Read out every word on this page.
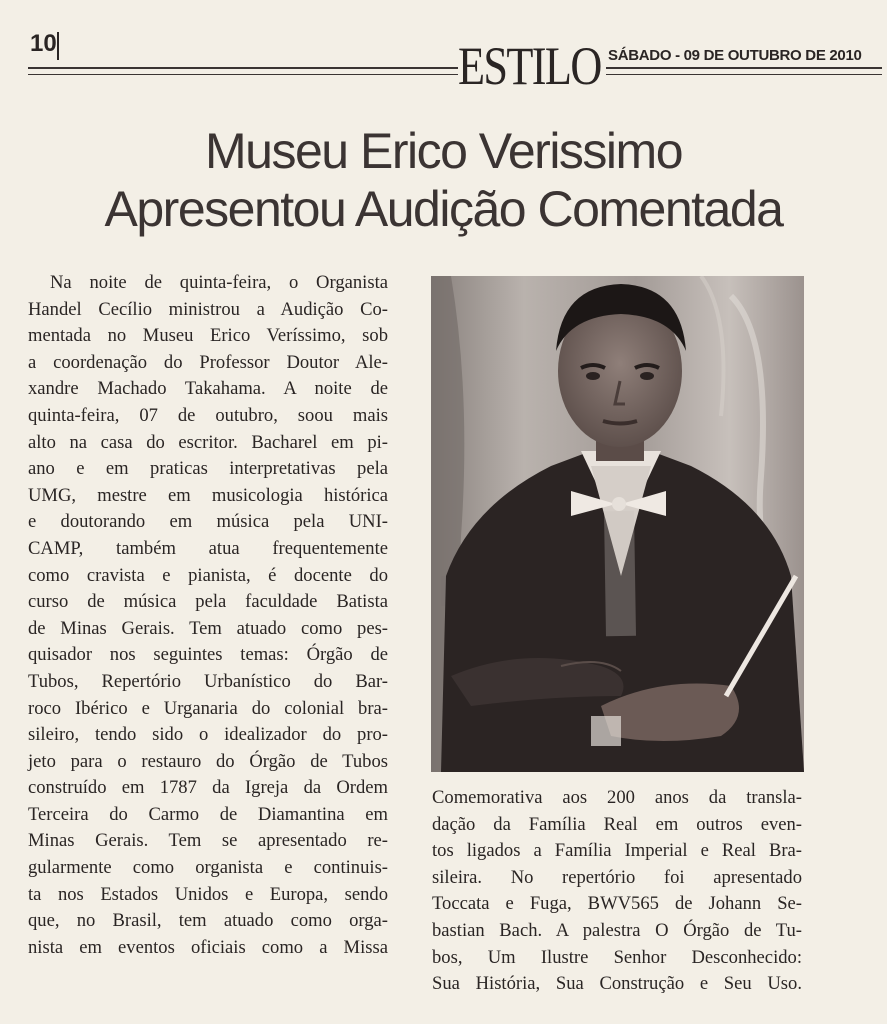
10	ESTILO SÁBADO - 09 DE OUTUBRO DE 2010
Museu Erico Verissimo
Apresentou Audição Comentada
Na noite de quinta-feira, o Organista
Handel Cecílio ministrou a Audição Co-
mentada no Museu Erico Veríssimo, sob
a coordenação do Professor Doutor Ale-
xandre Machado Takahama. A noite de
quinta-feira, 07 de outubro, soou mais
alto na casa do escritor. Bacharel em pi-
ano e em praticas interpretativas pela
UMG, mestre em musicologia histórica
e doutorando em música pela UNI-
CAMP, também atua frequentemente
como cravista e pianista, é docente do
curso de música pela faculdade Batista
de Minas Gerais. Tem atuado como pes-
quisador nos seguintes temas: Órgão de
Tubos, Repertório Urbanístico do Bar-
roco Ibérico e Urganaria do colonial bra-
sileiro, tendo sido o idealizador do pro-
jeto para o restauro do Órgão de Tubos
construído em 1787 da Igreja da Ordem
Terceira do Carmo de Diamantina em
Minas Gerais. Tem se apresentado re-
gularmente como organista e continuis-
ta nos Estados Unidos e Europa, sendo
que, no Brasil, tem atuado como orga-
nista em eventos oficiais como a Missa
Comemorativa aos 200 anos da transla-
dação da Família Real em outros even-
tos ligados a Família Imperial e Real Bra-
sileira. No repertório foi apresentado
Toccata e Fuga, BWV565 de Johann Se-
bastian Bach. A palestra O Órgão de Tu-
bos, Um Ilustre Senhor Desconhecido:
Sua História, Sua Construção e Seu Uso.
